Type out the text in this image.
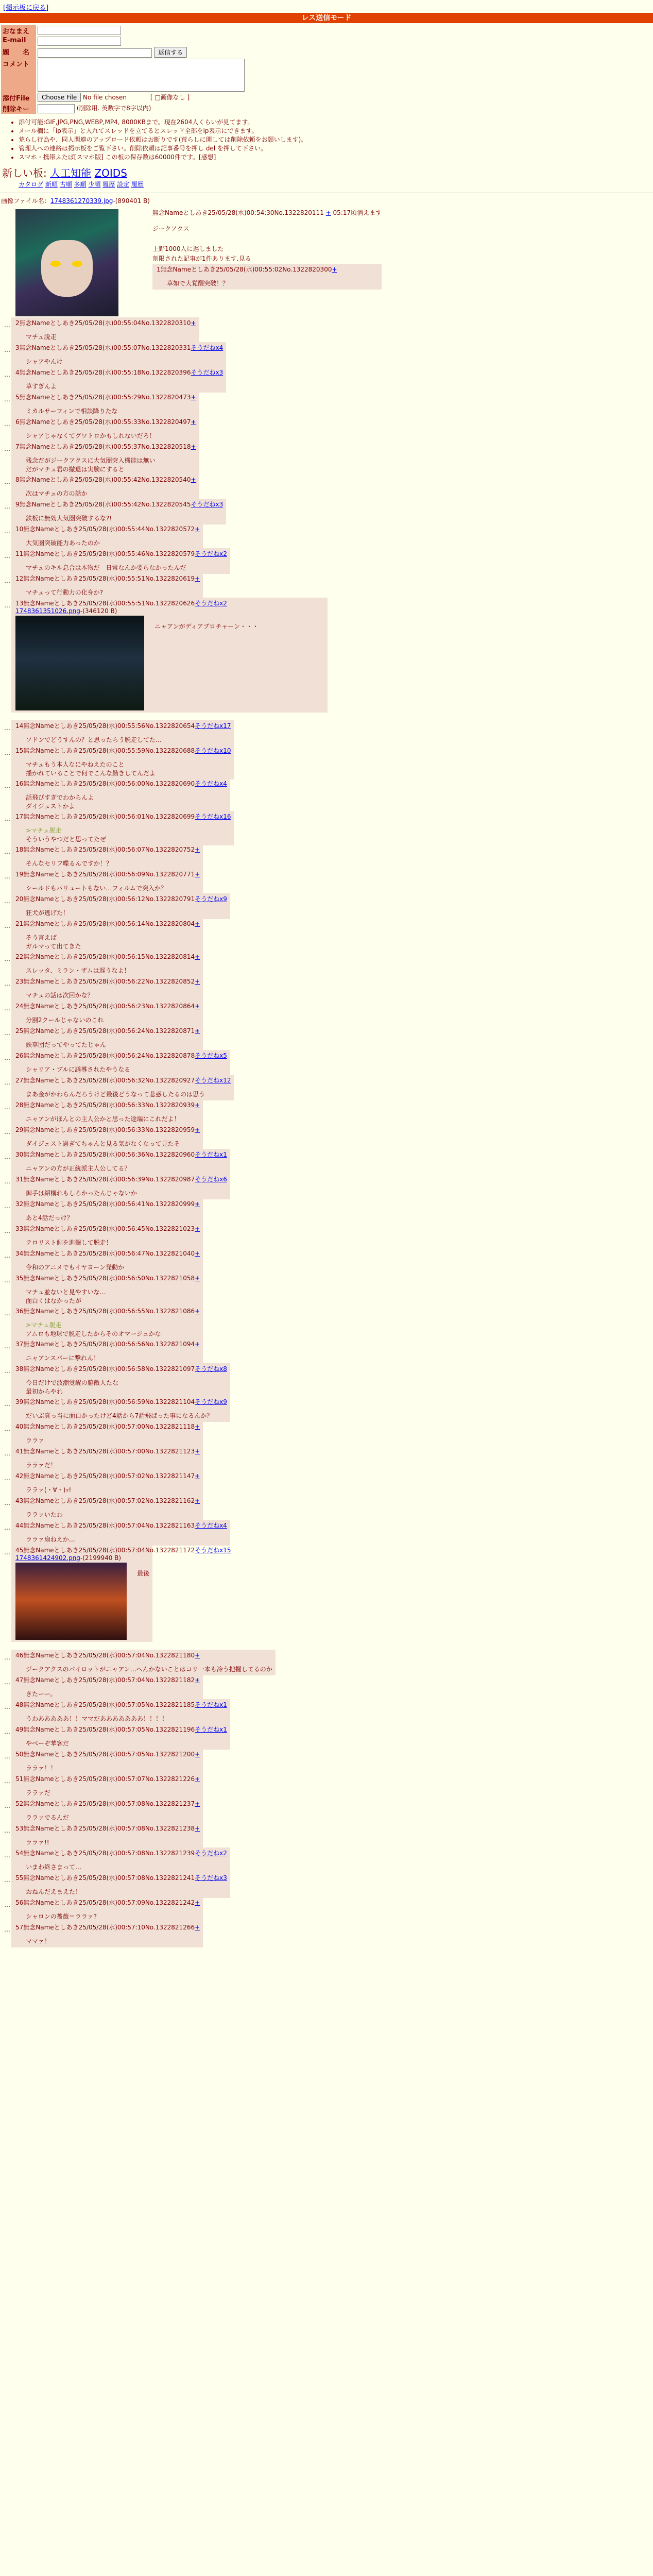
[掲示板に戻る]
レス送信モード
おなまえ	
E-mail	
題　　名	返信する
コメント	

添付File	Choose File No file chosen [ □画像なし ]
削除キー	(削除用. 英数字で8字以内)
• 添付可能:GIF,JPG,PNG,WEBP,MP4, 8000KBまで。現在2604人くらいが見てます。
• メール欄に「ip表示」と入れてスレッドを立てるとスレッド全部をip表示にできます。
• 荒らし行為や、同人関連のアップロード依頼はお断りです(荒らしに関しては削除依頼をお願いします)。
• 管理人への連絡は掲示板をご覧下さい。削除依頼は記事番号を押し del を押して下さい。
• スマホ・携帯ふたば[スマホ版] この板の保存数は60000件です。[感想]
新しい板: 人工知能 ZOIDS
カタログ 新順 古順 多順 少順 履歴 設定 履歴
画像ファイル名：1748361270339.jpg-(890401 B)
無念Nameとしあき25/05/28(水)00:54:30No.1322820111 + 05:17頃消えます

ジークアクス

上野1000人に遅しました

刻限された記事が1件あります.見る

1無念Nameとしあき25/05/28(水)00:55:02No.1322820300+
草如で大覚醒突破！？
… 2無念Nameとしあき25/05/28(水)00:55:04No.1322820310+
マチュ脱走
… 3無念Nameとしあき25/05/28(水)00:55:07No.1322820331そうだねx4
シャアやんけ
… 4無念Nameとしあき25/05/28(水)00:55:18No.1322820396そうだねx3
草すぎんよ
… 5無念Nameとしあき25/05/28(水)00:55:29No.1322820473+
ミカルサーフィンで相談降りたな
… 6無念Nameとしあき25/05/28(水)00:55:33No.1322820497+
シャアじゃなくてグワトロかもしれないだろ！
… 7無念Nameとしあき25/05/28(水)00:55:37No.1322820518+
残念だがジークアクスに大気圏突入機能は無い
だがマチュ君の撤退は実験にすると
… 8無念Nameとしあき25/05/28(水)00:55:42No.1322820540+
次はマチュの方の話か
… 9無念Nameとしあき25/05/28(水)00:55:42No.1322820545そうだねx3
鉄板に無効大気圏突破するな?!
… 10無念Nameとしあき25/05/28(水)00:55:44No.1322820572+
大気圏突破能力あったのか
… 11無念Nameとしあき25/05/28(水)00:55:46No.1322820579そうだねx2
マチュのキル息合は本物だ　日常なんか要らなかったんだ
… 12無念Nameとしあき25/05/28(水)00:55:51No.1322820619+
マチュって行動力の化身か?
… 13無念Nameとしあき25/05/28(水)00:55:51No.1322820626そうだねx2
1748361351026.png-(346120 B)
ニャアンがディアブロチャーン・・・
… 14無念Nameとしあき25/05/28(水)00:55:56No.1322820654そうだねx17
ソドンでどうすんの？と思ったらう脱走してた…
… 15無念Nameとしあき25/05/28(水)00:55:59No.1322820688そうだねx10
マチュもう本人なにやねえたのこと
揺かれていることで何でこんな勤きしてんだよ
… 16無念Nameとしあき25/05/28(水)00:56:00No.1322820690そうだねx4
話飛びすぎでわからんよ
ダイジェストかよ
… 17無念Nameとしあき25/05/28(水)00:56:01No.1322820699そうだねx16
>マチュ脱走
そういうやつだと思ってたぜ
… 18無念Nameとしあき25/05/28(水)00:56:07No.1322820752+
そんなセリフ喋るんですか！？
… 19無念Nameとしあき25/05/28(水)00:56:09No.1322820771+
シールドもパリュートもない…フィルムで突入か？
… 20無念Nameとしあき25/05/28(水)00:56:12No.1322820791そうだねx9
狂犬が逃げた！
… 21無念Nameとしあき25/05/28(水)00:56:14No.1322820804+
そう言えば
ガルマって出てきた
… 22無念Nameとしあき25/05/28(水)00:56:15No.1322820814+
スレッタ、ミラン・ザムは遅うなよ！
… 23無念Nameとしあき25/05/28(水)00:56:22No.1322820852+
マチュの話は次回かな？
… 24無念Nameとしあき25/05/28(水)00:56:23No.1322820864+
分割2クールじゃないのこれ
… 25無念Nameとしあき25/05/28(水)00:56:24No.1322820871+
鉄華団だってやってたじゃん
… 26無念Nameとしあき25/05/28(水)00:56:24No.1322820878そうだねx5
シャリア・ブルに誘導されたやうなる
… 27無念Nameとしあき25/05/28(水)00:56:32No.1322820927そうだねx12
まあ金がかわらんだろうけど最後どうなって悲惑したるのは思う
… 28無念Nameとしあき25/05/28(水)00:56:33No.1322820939+
ニャアンがほんとの主人公かと思った途端にこれだよ！
… 29無念Nameとしあき25/05/28(水)00:56:33No.1322820959+
ダイジェスト過ぎてちゃんと見る気がなくなって見たそ
… 30無念Nameとしあき25/05/28(水)00:56:36No.1322820960そうだねx1
ニャアンの方が正統派主人公してる？
… 31無念Nameとしあき25/05/28(水)00:56:39No.1322820987そうだねx6
御手は紹構れもしろかったんじゃないか
… 32無念Nameとしあき25/05/28(水)00:56:41No.1322820999+
あと4話だっけ？
… 33無念Nameとしあき25/05/28(水)00:56:45No.1322821023+
テロリスト側を進撃して脱走！
… 34無念Nameとしあき25/05/28(水)00:56:47No.1322821040+
令和のアニメでもイヤヨーン発動か
… 35無念Nameとしあき25/05/28(水)00:56:50No.1322821058+
マチュ並ないと見やすいな…
面白くはなかったが
… 36無念Nameとしあき25/05/28(水)00:56:55No.1322821086+
>マチュ脱走
アムロも地球で脱走したからそのオマージュかな
… 37無念Nameとしあき25/05/28(水)00:56:56No.1322821094+
ニャアンスパーに撃れん！
… 38無念Nameとしあき25/05/28(水)00:56:58No.1322821097そうだねx8
今日だけで波潮覚醒の脇敵人たな
最初からやれ
… 39無念Nameとしあき25/05/28(水)00:56:59No.1322821104そうだねx9
だいぶ真っ当に面白かったけど4話から7話飛ばった事になるんか？
… 40無念Nameとしあき25/05/28(水)00:57:00No.1322821118+
ララァ
… 41無念Nameとしあき25/05/28(水)00:57:00No.1322821123+
ララァだ！
… 42無念Nameとしあき25/05/28(水)00:57:02No.1322821147+
ララァ(・∀・)ｯ!
… 43無念Nameとしあき25/05/28(水)00:57:02No.1322821162+
ララァいたわ
… 44無念Nameとしあき25/05/28(水)00:57:04No.1322821163そうだねx4
ララァ扇ねえか…
… 45無念Nameとしあき25/05/28(水)00:57:04No.1322821172そうだねx15
1748361424902.png-(2199940 B)
最後
… 46無念Nameとしあき25/05/28(水)00:57:04No.1322821180+
ジークアクスのパイロットがニャアン…へんかないことはコリ一本も冷う把握してるのか
… 47無念Nameとしあき25/05/28(水)00:57:04No.1322821182+
きたーー。
… 48無念Nameとしあき25/05/28(水)00:57:05No.1322821185そうだねx1
うわあああああ！！ママだあああああああ！！！！
… 49無念Nameとしあき25/05/28(水)00:57:05No.1322821196そうだねx1
やべーぞ華客だ
… 50無念Nameとしあき25/05/28(水)00:57:05No.1322821200+
ララァ！！
… 51無念Nameとしあき25/05/28(水)00:57:07No.1322821226+
ララァだ
… 52無念Nameとしあき25/05/28(水)00:57:08No.1322821237+
ララァでるんだ
… 53無念Nameとしあき25/05/28(水)00:57:08No.1322821238+
ララァ!!
… 54無念Nameとしあき25/05/28(水)00:57:08No.1322821239そうだねx2
いまわ終さまって…
… 55無念Nameとしあき25/05/28(水)00:57:08No.1322821241そうだねx3
おねんだえまえた！
… 56無念Nameとしあき25/05/28(水)00:57:09No.1322821242+
シャロンの薔薇＝ララァ?
… 57無念Nameとしあき25/05/28(水)00:57:10No.1322821266+
ママァ！
